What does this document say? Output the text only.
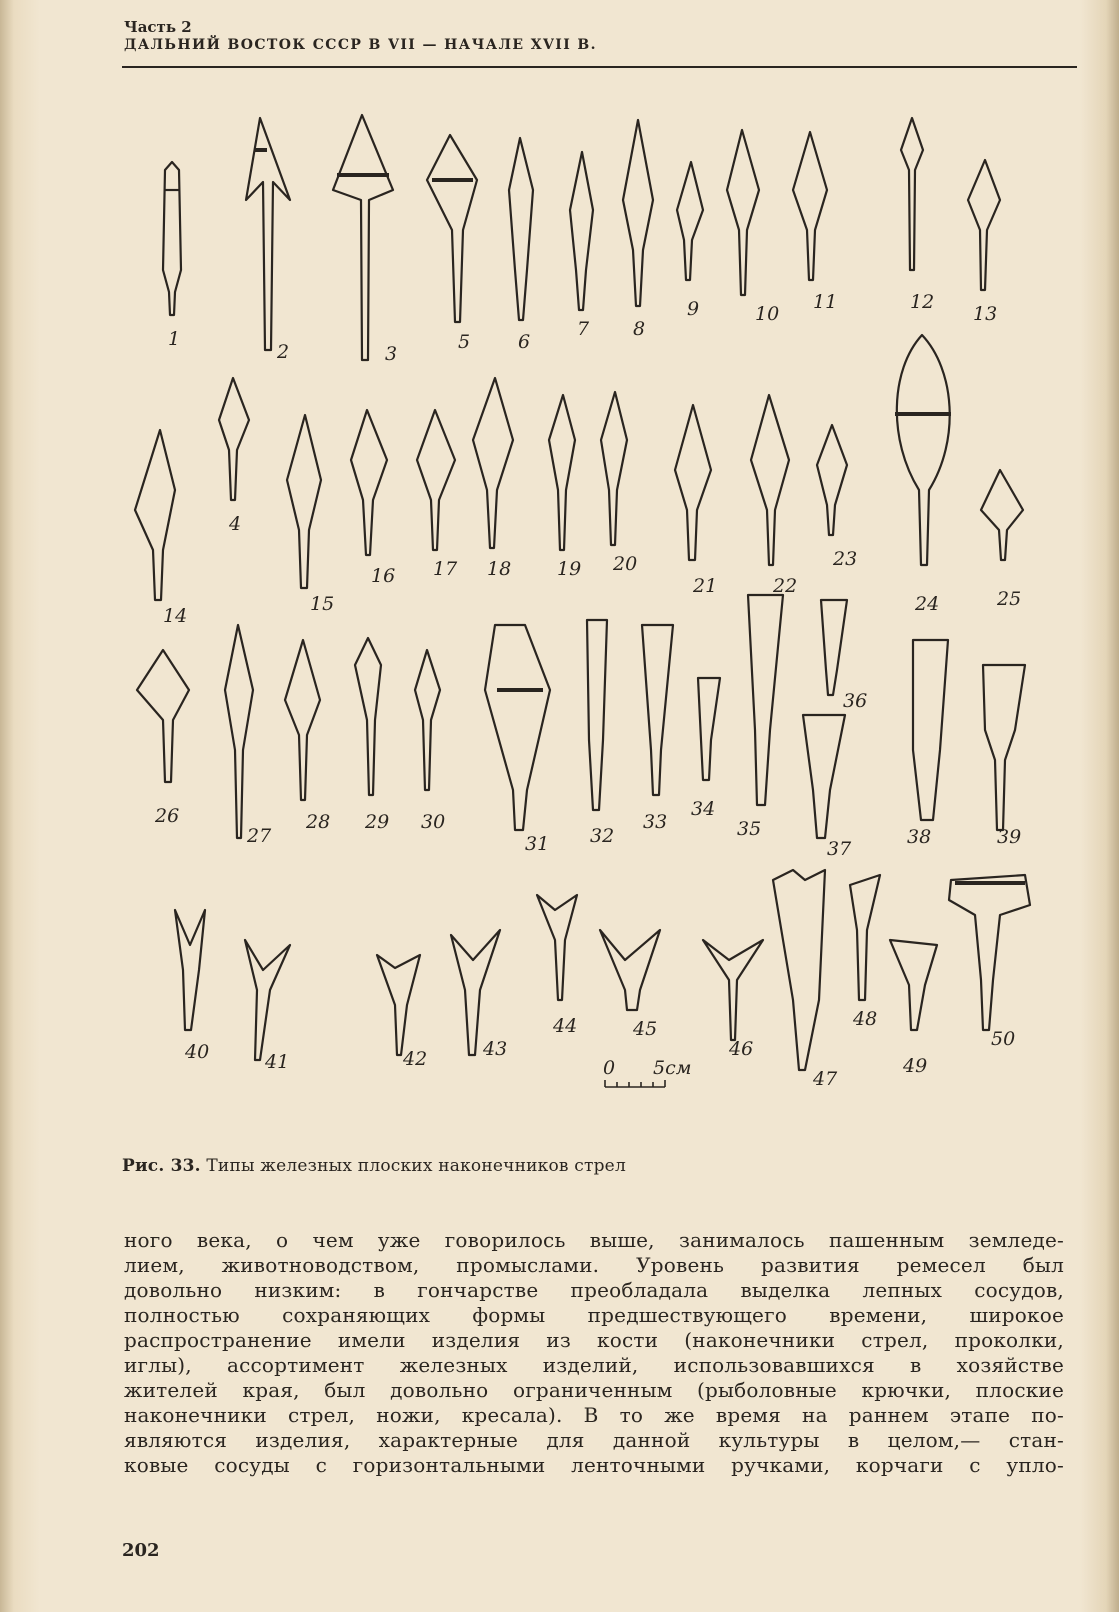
Часть 2
ДАЛЬНИЙ ВОСТОК СССР В VII — НАЧАЛЕ XVII В.
1
2	3
5	6
7 8
9	10
11	12
13
14
4
15
16 17 18 19 20
21	22
23
24	25
26
27
28 29 30
31 32
33
34
35
36
37
38	39
40	41	42	43
44	45
46
47
48
49
50
0 5см
Рис. 33. Типы железных плоских наконечников стрел
ного века, о чем уже говорилось выше, занималось пашенным земледе-
лием, животноводством, промыслами. Уровень развития ремесел был
довольно низким: в гончарстве преобладала выделка лепных сосудов,
полностью сохраняющих формы предшествующего времени, широкое
распространение имели изделия из кости (наконечники стрел, проколки,
иглы), ассортимент железных изделий, использовавшихся в хозяйстве
жителей края, был довольно ограниченным (рыболовные крючки, плоские
наконечники стрел, ножи, кресала). В то же время на раннем этапе по-
являются изделия, характерные для данной культуры в целом,— стан-
ковые сосуды с горизонтальными ленточными ручками, корчаги с упло-
202
